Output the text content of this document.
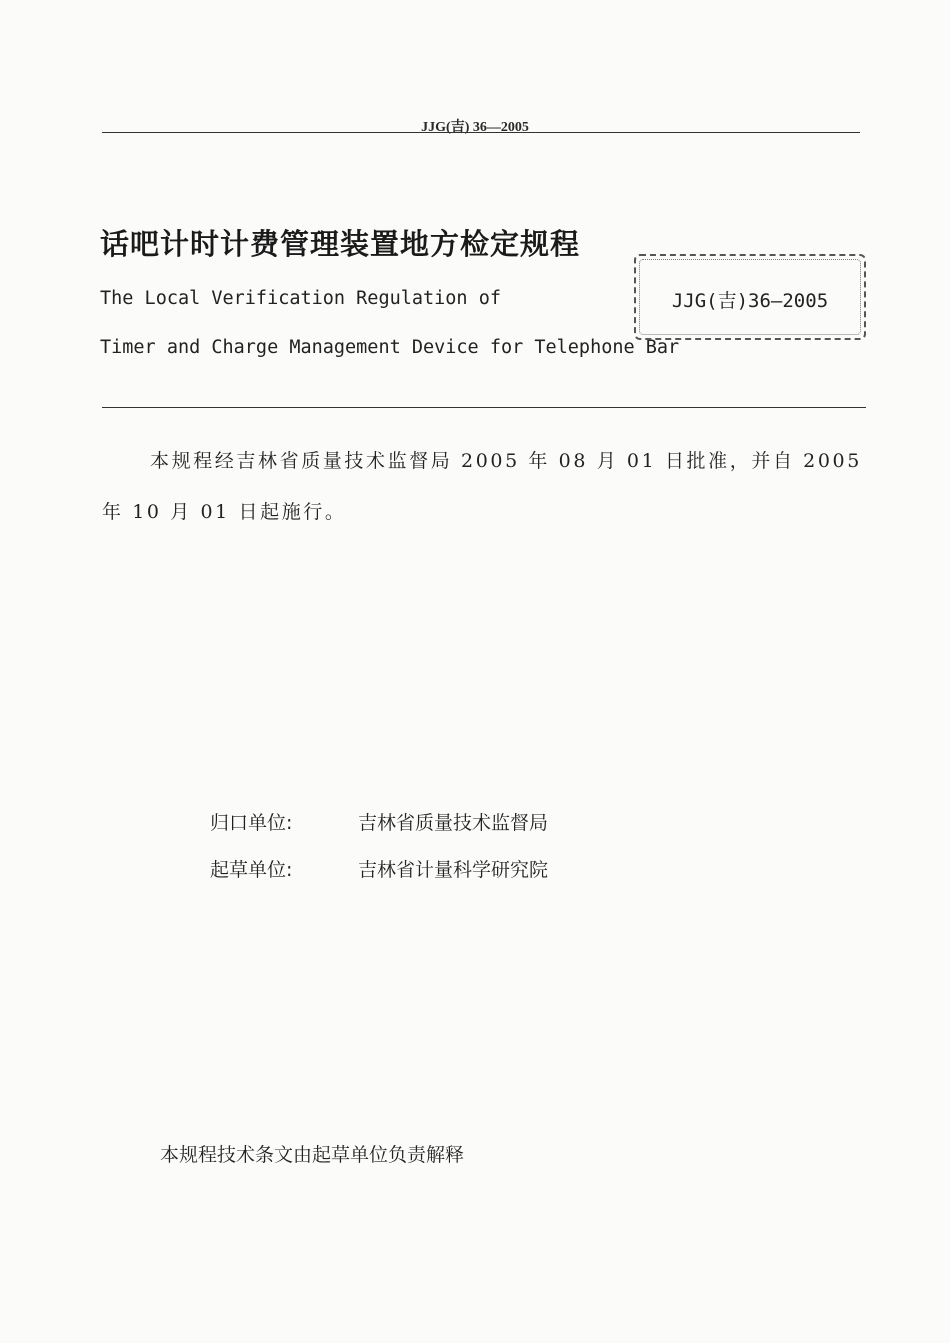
JJG(吉) 36—2005
话吧计时计费管理装置地方检定规程
The Local Verification Regulation of
Timer and Charge Management Device for Telephone Bar
JJG(吉)36—2005

本规程经吉林省质量技术监督局 2005 年 08 月 01 日批准，并自 2005 年 10 月 01 日起施行。

归口单位:	吉林省质量技术监督局
起草单位:	吉林省计量科学研究院
本规程技术条文由起草单位负责解释
